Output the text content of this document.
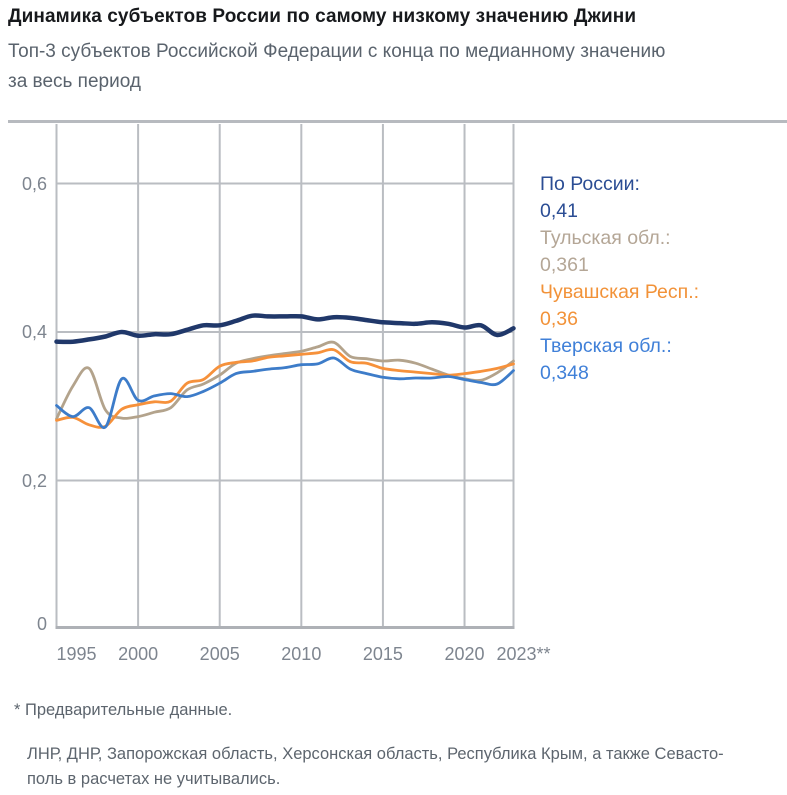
Динамика субъектов России по самому низкому значению Джини
Топ-3 субъектов Российской Федерации с конца по медианному значению
за весь период
0
0,2
0,4
0,6
1995 2000 2005 2010 2015 2020 2023**
По России:
0,41
Тульская обл.:
0,361
Чувашская Респ.:
0,36
Тверская обл.:
0,348
* Предварительные данные.
ЛНР, ДНР, Запорожская область, Херсонская область, Республика Крым, а также Севасто-
поль в расчетах не учитывались.
